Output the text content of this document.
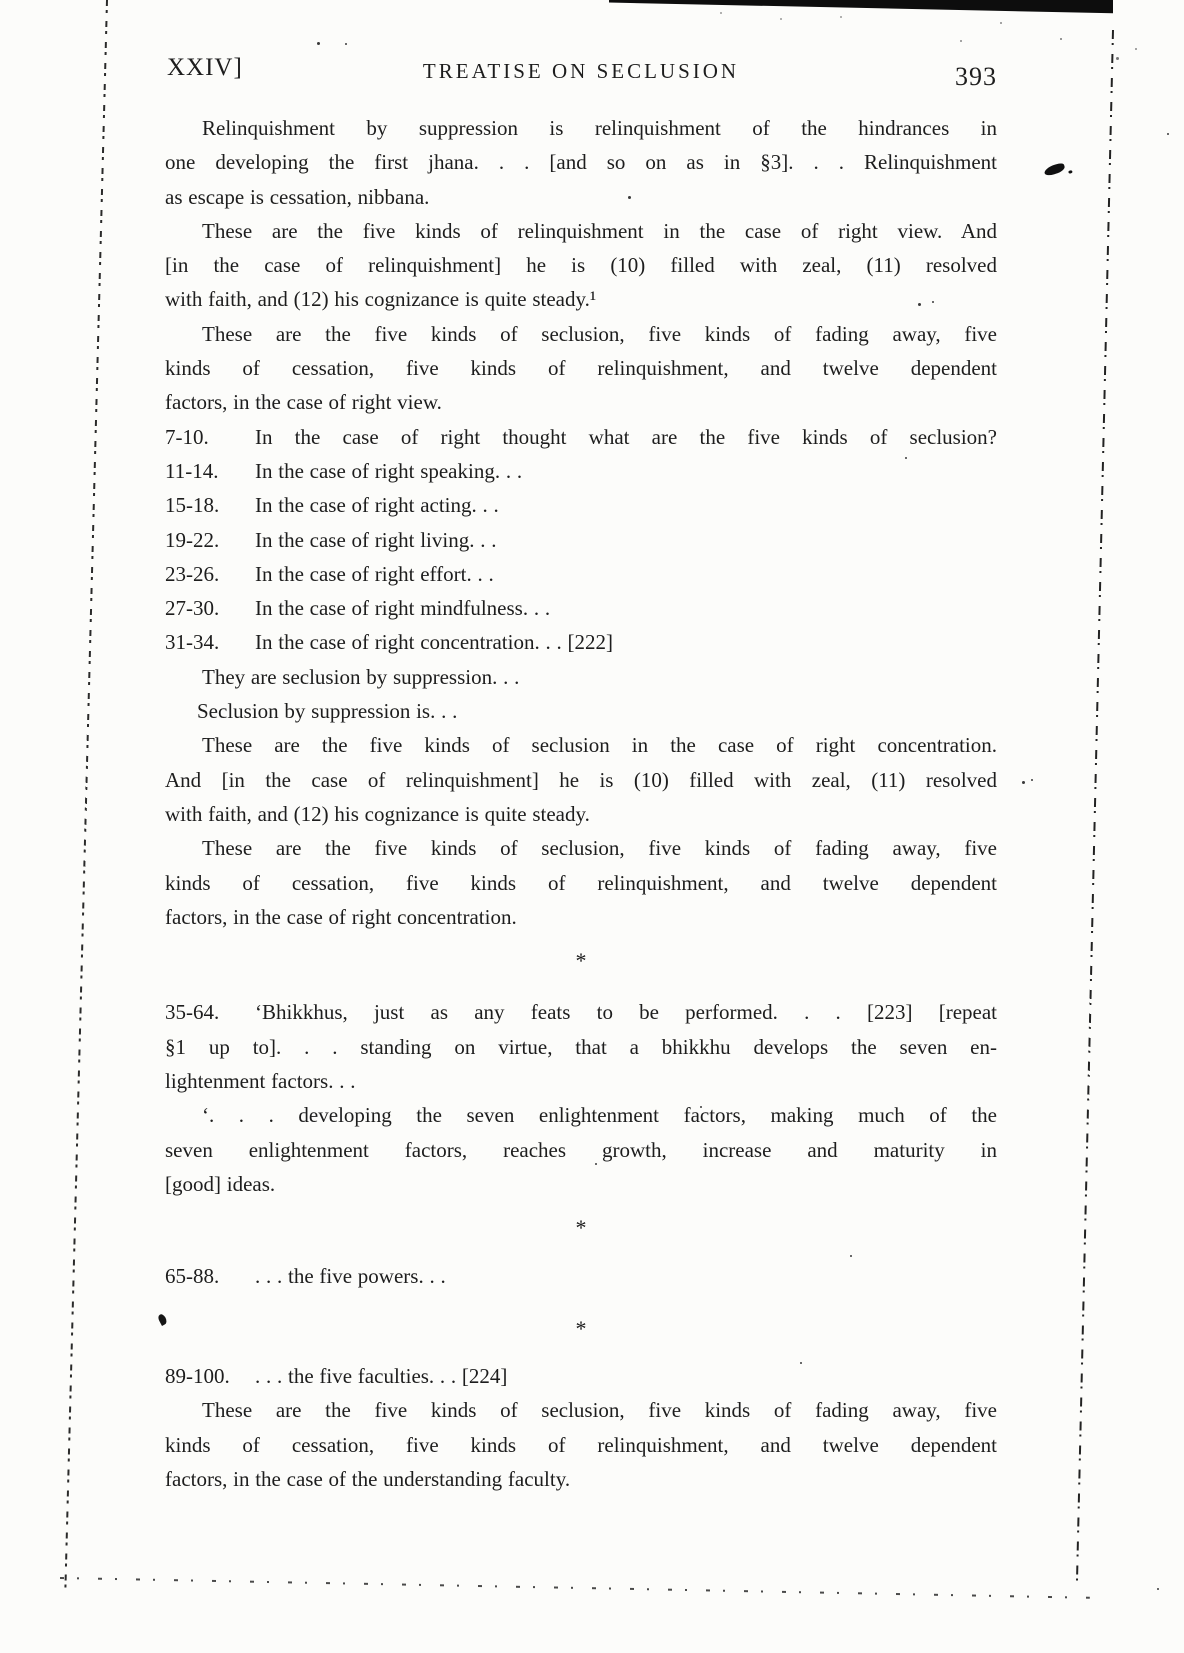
XXIV]	TREATISE ON SECLUSION	393
Relinquishment by suppression is relinquishment of the hindrances in
one developing the first jhana. . . [and so on as in §3]. . . Relinquishment
as escape is cessation, nibbana.
These are the five kinds of relinquishment in the case of right view. And
[in the case of relinquishment] he is (10) filled with zeal, (11) resolved
with faith, and (12) his cognizance is quite steady.¹
These are the five kinds of seclusion, five kinds of fading away, five
kinds of cessation, five kinds of relinquishment, and twelve dependent
factors, in the case of right view.
7-10.	In the case of right thought what are the five kinds of seclusion?
11-14.	In the case of right speaking. . .
15-18.	In the case of right acting. . .
19-22.	In the case of right living. . .
23-26.	In the case of right effort. . .
27-30.	In the case of right mindfulness. . .
31-34.	In the case of right concentration. . . [222]
They are seclusion by suppression. . .
Seclusion by suppression is. . .
These are the five kinds of seclusion in the case of right concentration.
And [in the case of relinquishment] he is (10) filled with zeal, (11) resolved
with faith, and (12) his cognizance is quite steady.
These are the five kinds of seclusion, five kinds of fading away, five
kinds of cessation, five kinds of relinquishment, and twelve dependent
factors, in the case of right concentration.
*
35-64.	‘Bhikkhus, just as any feats to be performed. . . [223] [repeat
§1 up to]. . . standing on virtue, that a bhikkhu develops the seven en-
lightenment factors. . .
‘. . . developing the seven enlightenment factors, making much of the
seven enlightenment factors, reaches growth, increase and maturity in
[good] ideas.
*
65-88.	. . . the five powers. . .
*
89-100.	. . . the five faculties. . . [224]
These are the five kinds of seclusion, five kinds of fading away, five
kinds of cessation, five kinds of relinquishment, and twelve dependent
factors, in the case of the understanding faculty.
